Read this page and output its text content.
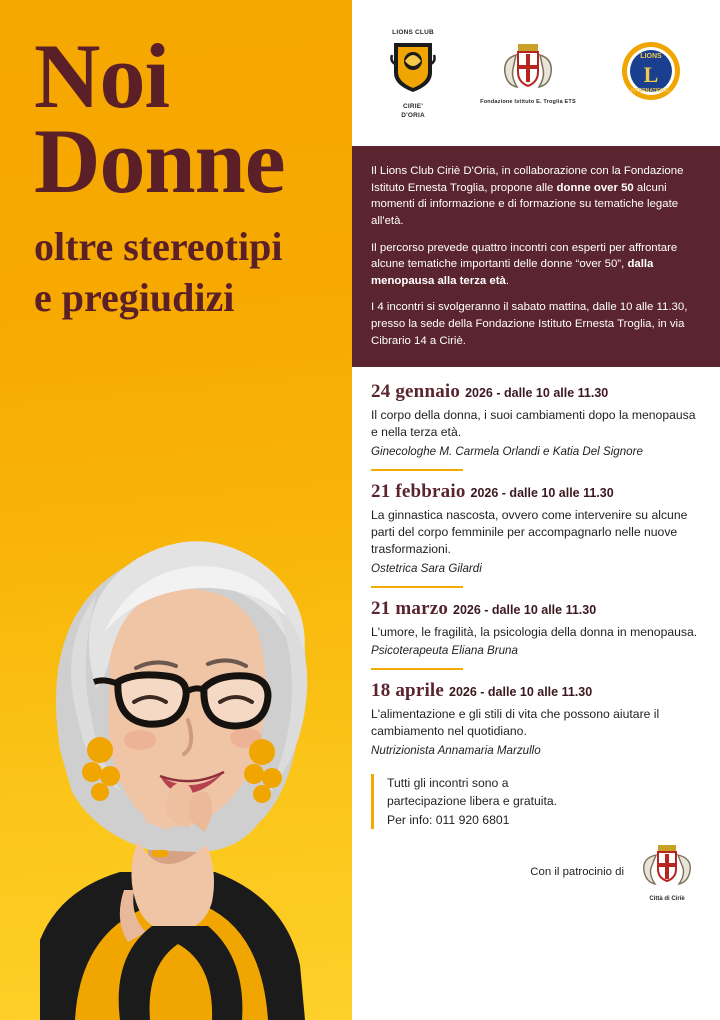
Noi
Donne
oltre stereotipi
e pregiudizi
LIONS CLUB
CIRIE'
D'ORIA
Fondazione Istituto E. Troglia ETS
LIONS
L
INTERNATIONAL

Il Lions Club Ciriè D'Oria, in collaborazione con la Fondazione Istituto Ernesta Troglia, propone alle donne over 50 alcuni momenti di informazione e di formazione su tematiche legate all'età.

Il percorso prevede quattro incontri con esperti per affrontare alcune tematiche importanti delle donne “over 50”, dalla menopausa alla terza età.

I 4 incontri si svolgeranno il sabato mattina, dalle 10 alle 11.30, presso la sede della Fondazione Istituto Ernesta Troglia, in via Cibrario 14 a Ciriè.

24 gennaio 2026 - dalle 10 alle 11.30
Il corpo della donna, i suoi cambiamenti dopo la menopausa e nella terza età.
Ginecologhe M. Carmela Orlandi e Katia Del Signore
21 febbraio 2026 - dalle 10 alle 11.30
La ginnastica nascosta, ovvero come intervenire su alcune parti del corpo femminile per accompagnarlo nelle nuove trasformazioni.
Ostetrica Sara Gilardi
21 marzo 2026 - dalle 10 alle 11.30
L'umore, le fragilità, la psicologia della donna in menopausa.
Psicoterapeuta Eliana Bruna
18 aprile 2026 - dalle 10 alle 11.30
L'alimentazione e gli stili di vita che possono aiutare il cambiamento nel quotidiano.
Nutrizionista Annamaria Marzullo
Tutti gli incontri sono a
partecipazione libera e gratuita.
Per info: 011 920 6801
Con il patrocinio di
Città di Ciriè
